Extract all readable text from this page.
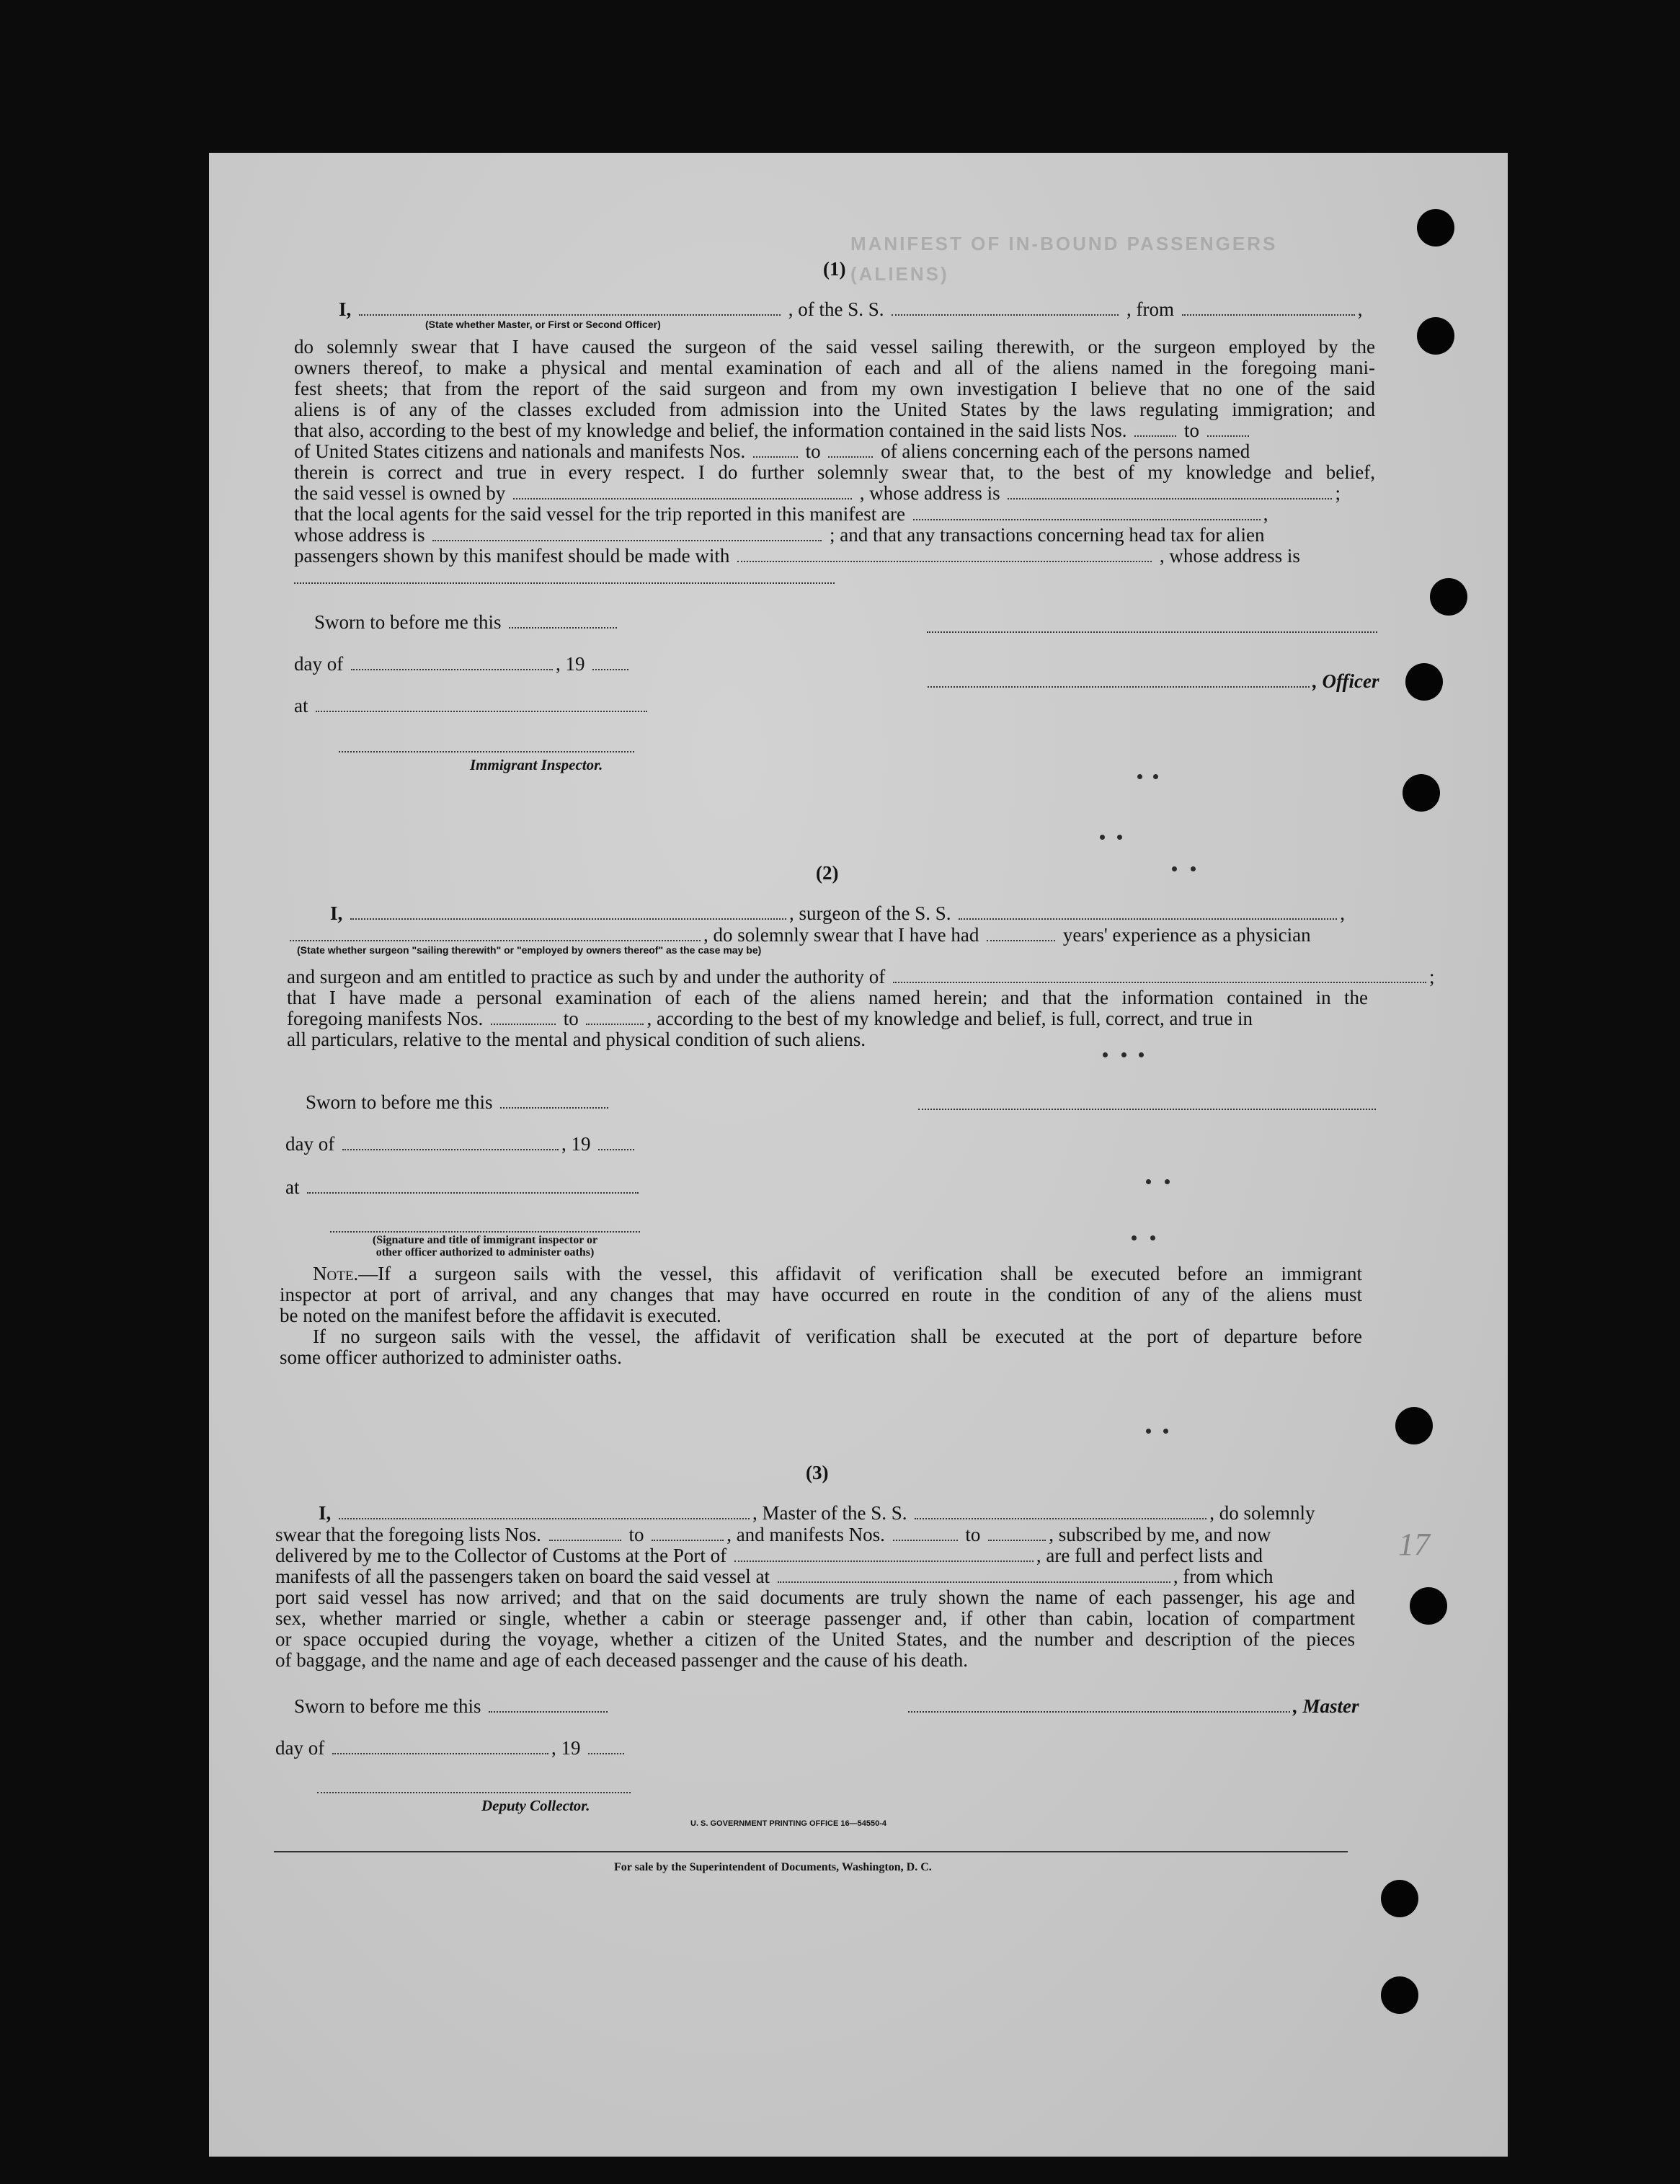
MANIFEST OF IN-BOUND PASSENGERS (ALIENS)
17
(1)
I,	, of the S. S.	, from	,
(State whether Master, or First or Second Officer)
do solemnly swear that I have caused the surgeon of the said vessel sailing therewith, or the surgeon employed by the
owners thereof, to make a physical and mental examination of each and all of the aliens named in the foregoing mani-
fest sheets; that from the report of the said surgeon and from my own investigation I believe that no one of the said
aliens is of any of the classes excluded from admission into the United States by the laws regulating immigration; and
that also, according to the best of my knowledge and belief, the information contained in the said lists Nos.	to
of United States citizens and nationals and manifests Nos.	to	of aliens concerning each of the persons named
therein is correct and true in every respect. I do further solemnly swear that, to the best of my knowledge and belief,
the said vessel is owned by	, whose address is	;
that the local agents for the said vessel for the trip reported in this manifest are	,
whose address is	; and that any transactions concerning head tax for alien
passengers shown by this manifest should be made with	, whose address is
Sworn to before me this
day of	, 19
, Officer
at
Immigrant Inspector.
(2)
I,	, surgeon of the S. S.	,
, do solemnly swear that I have had	years' experience as a physician
(State whether surgeon "sailing therewith" or "employed by owners thereof" as the case may be)
and surgeon and am entitled to practice as such by and under the authority of	;
that I have made a personal examination of each of the aliens named herein; and that the information contained in the
foregoing manifests Nos.	to	, according to the best of my knowledge and belief, is full, correct, and true in
all particulars, relative to the mental and physical condition of such aliens.
Sworn to before me this
day of	, 19
at
(Signature and title of immigrant inspector or
other officer authorized to administer oaths)
Note.—If a surgeon sails with the vessel, this affidavit of verification shall be executed before an immigrant
inspector at port of arrival, and any changes that may have occurred en route in the condition of any of the aliens must
be noted on the manifest before the affidavit is executed.
If no surgeon sails with the vessel, the affidavit of verification shall be executed at the port of departure before
some officer authorized to administer oaths.
(3)
I,	, Master of the S. S.	, do solemnly
swear that the foregoing lists Nos.	to	, and manifests Nos.	to	, subscribed by me, and now
delivered by me to the Collector of Customs at the Port of	, are full and perfect lists and
manifests of all the passengers taken on board the said vessel at	, from which
port said vessel has now arrived; and that on the said documents are truly shown the name of each passenger, his age and
sex, whether married or single, whether a cabin or steerage passenger and, if other than cabin, location of compartment
or space occupied during the voyage, whether a citizen of the United States, and the number and description of the pieces
of baggage, and the name and age of each deceased passenger and the cause of his death.
Sworn to before me this	, Master
day of	, 19
Deputy Collector.
U. S. GOVERNMENT PRINTING OFFICE 16—54550-4
For sale by the Superintendent of Documents, Washington, D. C.
